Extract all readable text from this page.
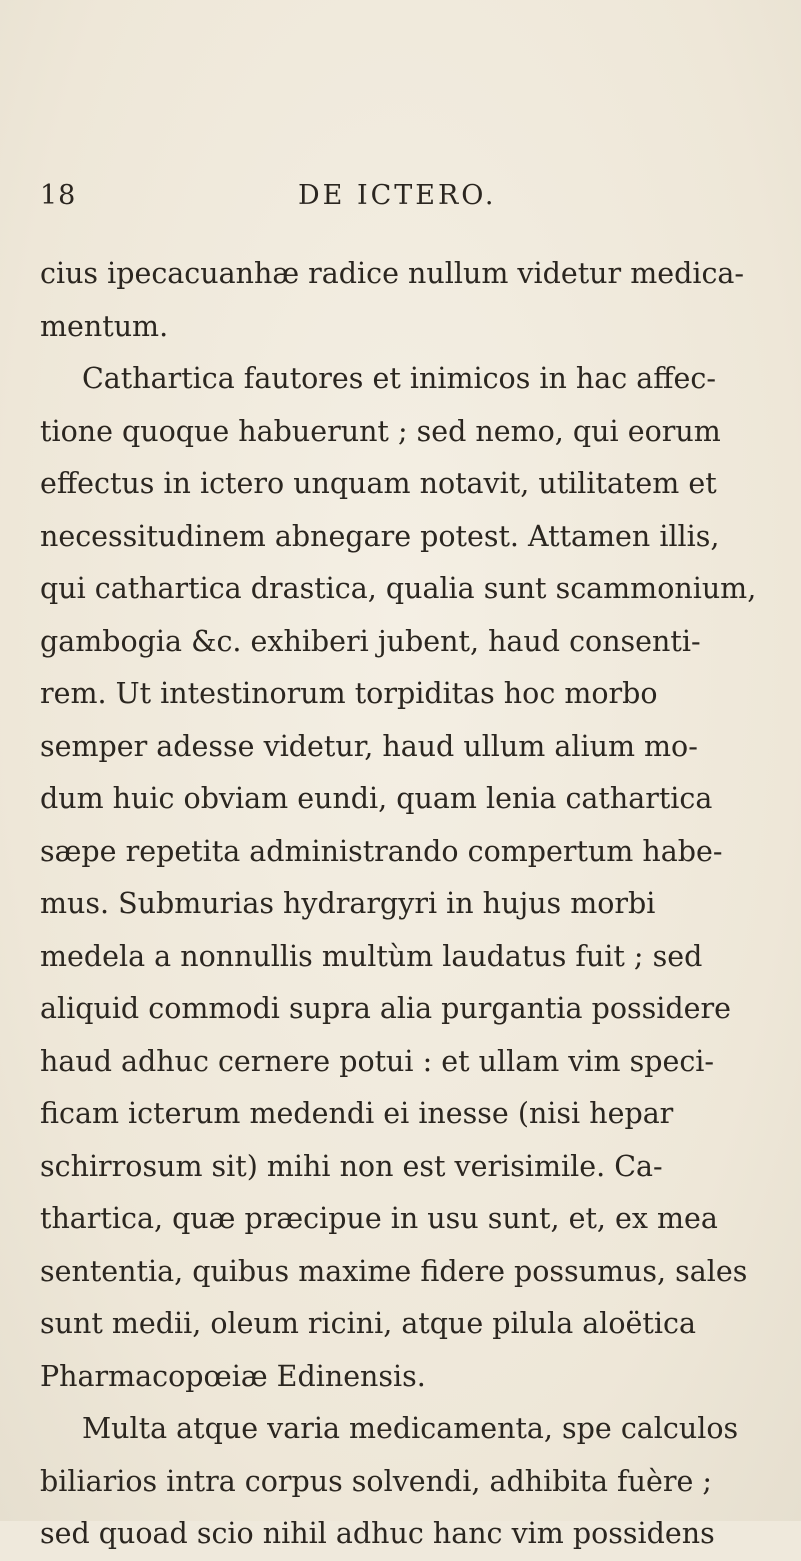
18	DE ICTERO.
cius ipecacuanhæ radice nullum videtur medica-
mentum.
Cathartica fautores et inimicos in hac affec-
tione quoque habuerunt ; sed nemo, qui eorum
effectus in ictero unquam notavit, utilitatem et
necessitudinem abnegare potest. Attamen illis,
qui cathartica drastica, qualia sunt scammonium,
gambogia &c. exhiberi jubent, haud consenti-
rem. Ut intestinorum torpiditas hoc morbo
semper adesse videtur, haud ullum alium mo-
dum huic obviam eundi, quam lenia cathartica
sæpe repetita administrando compertum habe-
mus. Submurias hydrargyri in hujus morbi
medela a nonnullis multùm laudatus fuit ; sed
aliquid commodi supra alia purgantia possidere
haud adhuc cernere potui : et ullam vim speci-
ficam icterum medendi ei inesse (nisi hepar
schirrosum sit) mihi non est verisimile. Ca-
thartica, quæ præcipue in usu sunt, et, ex mea
sententia, quibus maxime fidere possumus, sales
sunt medii, oleum ricini, atque pilula aloëtica
Pharmacopœiæ Edinensis.
Multa atque varia medicamenta, spe calculos
biliarios intra corpus solvendi, adhibita fuère ;
sed quoad scio nihil adhuc hanc vim possidens
